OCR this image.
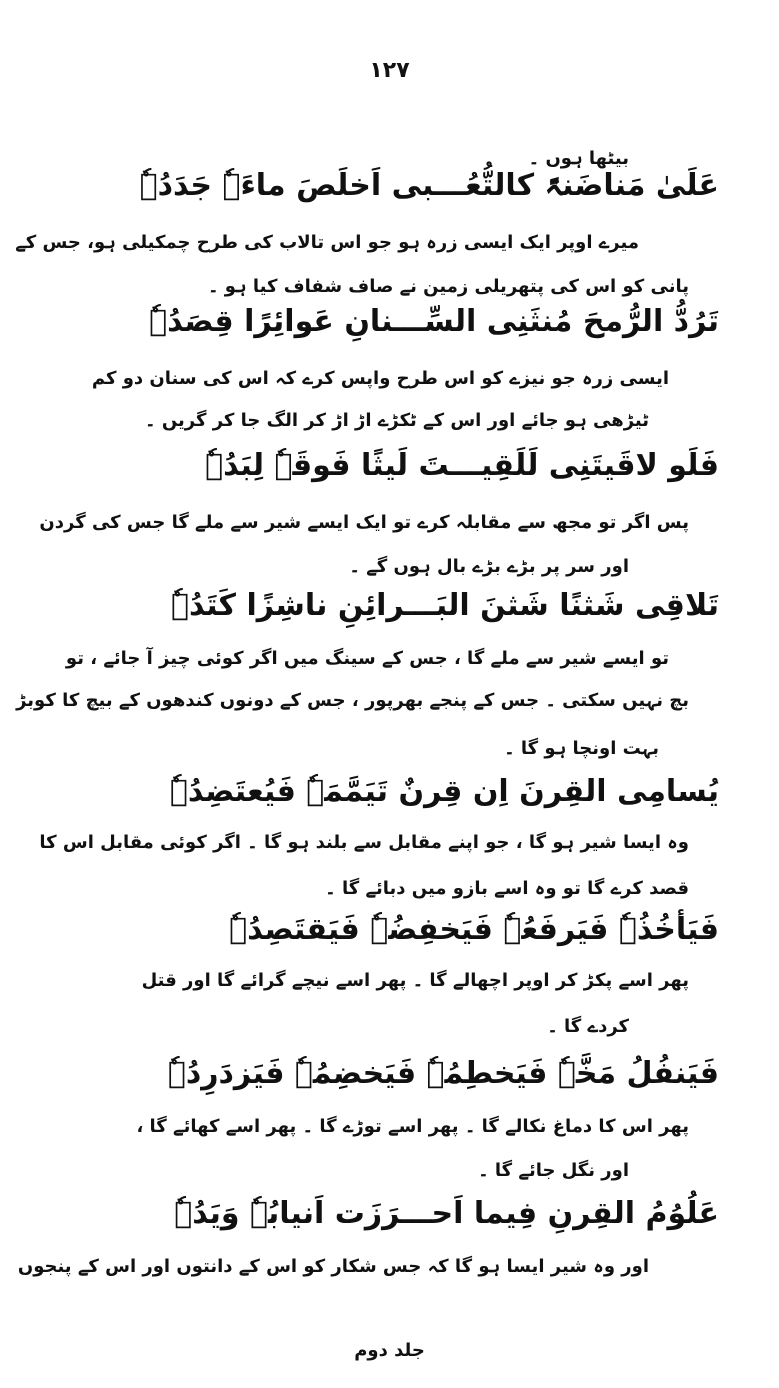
۱۲۷
بیٹھا ہوں ۔
عَلَیٰ مَناضَنۃً کالتُّعُـــبی اَخلَصَ ماءَہٗ جَدَدُہٗ
میرے اوپر ایک ایسی زرہ ہو جو اس تالاب کی طرح چمکیلی ہو، جس کے
پانی کو اس کی پتھریلی زمین نے صاف شفاف کیا ہو ۔
تَرُدُّ الرُّمحَ مُنثَنِی السِّـــنانِ عَوائِرًا قِصَدُہٗ
ایسی زرہ جو نیزے کو اس طرح واپس کرے کہ اس کی سنان دو کم
ٹیڑھی ہو جائے اور اس کے ٹکڑے اڑ اڑ کر الگ جا کر گریں ۔
فَلَو لاقَیتَنِی لَلَقِیـــتَ لَیثًا فَوقَہٗ لِبَدُہٗ
پس اگر تو مجھ سے مقابلہ کرے تو ایک ایسے شیر سے ملے گا جس کی گردن
اور سر پر بڑے بڑے بال ہوں گے ۔
تَلاقِی شَثنًا شَثنَ البَـــرائِنِ ناشِزًا کَتَدُہٗ
تو ایسے شیر سے ملے گا ، جس کے سینگ میں اگر کوئی چیز آ جائے ، تو
بچ نہیں سکتی ۔ جس کے پنجے بھرپور ، جس کے دونوں کندھوں کے بیچ کا کوبڑ
بہت اونچا ہو گا ۔
یُسامِی القِرنَ اِن قِرنٌ تَیَمَّمَہٗ فَیُعتَضِدُہٗ
وہ ایسا شیر ہو گا ، جو اپنے مقابل سے بلند ہو گا ۔ اگر کوئی مقابل اس کا
قصد کرے گا تو وہ اسے بازو میں دبائے گا ۔
فَیَأخُذُہٗ فَیَرفَعُہٗ فَیَخفِضُہٗ فَیَقتَصِدُہٗ
پھر اسے پکڑ کر اوپر اچھالے گا ۔ پھر اسے نیچے گرائے گا اور قتل
کردے گا ۔
فَیَنفُلُ مَخَّہٗ فَیَخطِمُہٗ فَیَخضِمُہٗ فَیَزدَرِدُہٗ
پھر اس کا دماغ نکالے گا ۔ پھر اسے توڑے گا ۔ پھر اسے کھائے گا ،
اور نگل جائے گا ۔
عَلُوُمُ القِرنِ فِیما اَحـــرَزَت اَنیابُہٗ وَیَدُہٗ
اور وہ شیر ایسا ہو گا کہ جس شکار کو اس کے دانتوں اور اس کے پنجوں
جلد دوم
